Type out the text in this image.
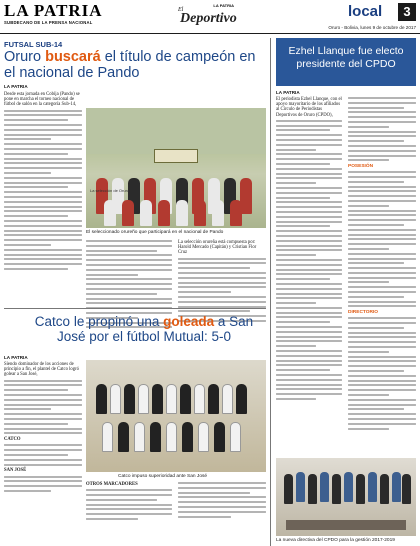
LA PATRIA
SUBDECANO DE LA PRENSA NACIONAL
LA PATRIA
El
Deportivo	local	3
Oruro - Bolivia, lunes 9 de octubre de 2017
FUTSAL SUB-14
Oruro buscará el título de campeón en el nacional de Pando
LA PATRIA
Desde esta jornada en Cobija (Pando) se pone en marcha el torneo nacional de fútbol de salón en la categoría Sub-14,
La selección de Oruro
El seleccionado orureño que participará en el nacional de Pando
La selección orureña está compuesta por: Harold Mercado (Capitán) y Cristian Flor Cruz
Catco le propinó una goleada a San José por el fútbol Mutual: 5-0
LA PATRIA
Siendo dominador de los acciones de principio a fin, el plantel de Catco logró golear a San José,
CATCO
SAN JOSÉ
Catco impuso superioridad ante San José
OTROS MARCADORES
Ezhel Llanque fue electo presidente del CPDO
LA PATRIA
El periodista Ezhel Llanque, con el apoyo mayoritario de los afiliados al Círculo de Periodistas Deportivos de Oruro (CPDO),
POSESIÓN
DIRECTORIO
La nueva directiva del CPDO para la gestión 2017-2019
